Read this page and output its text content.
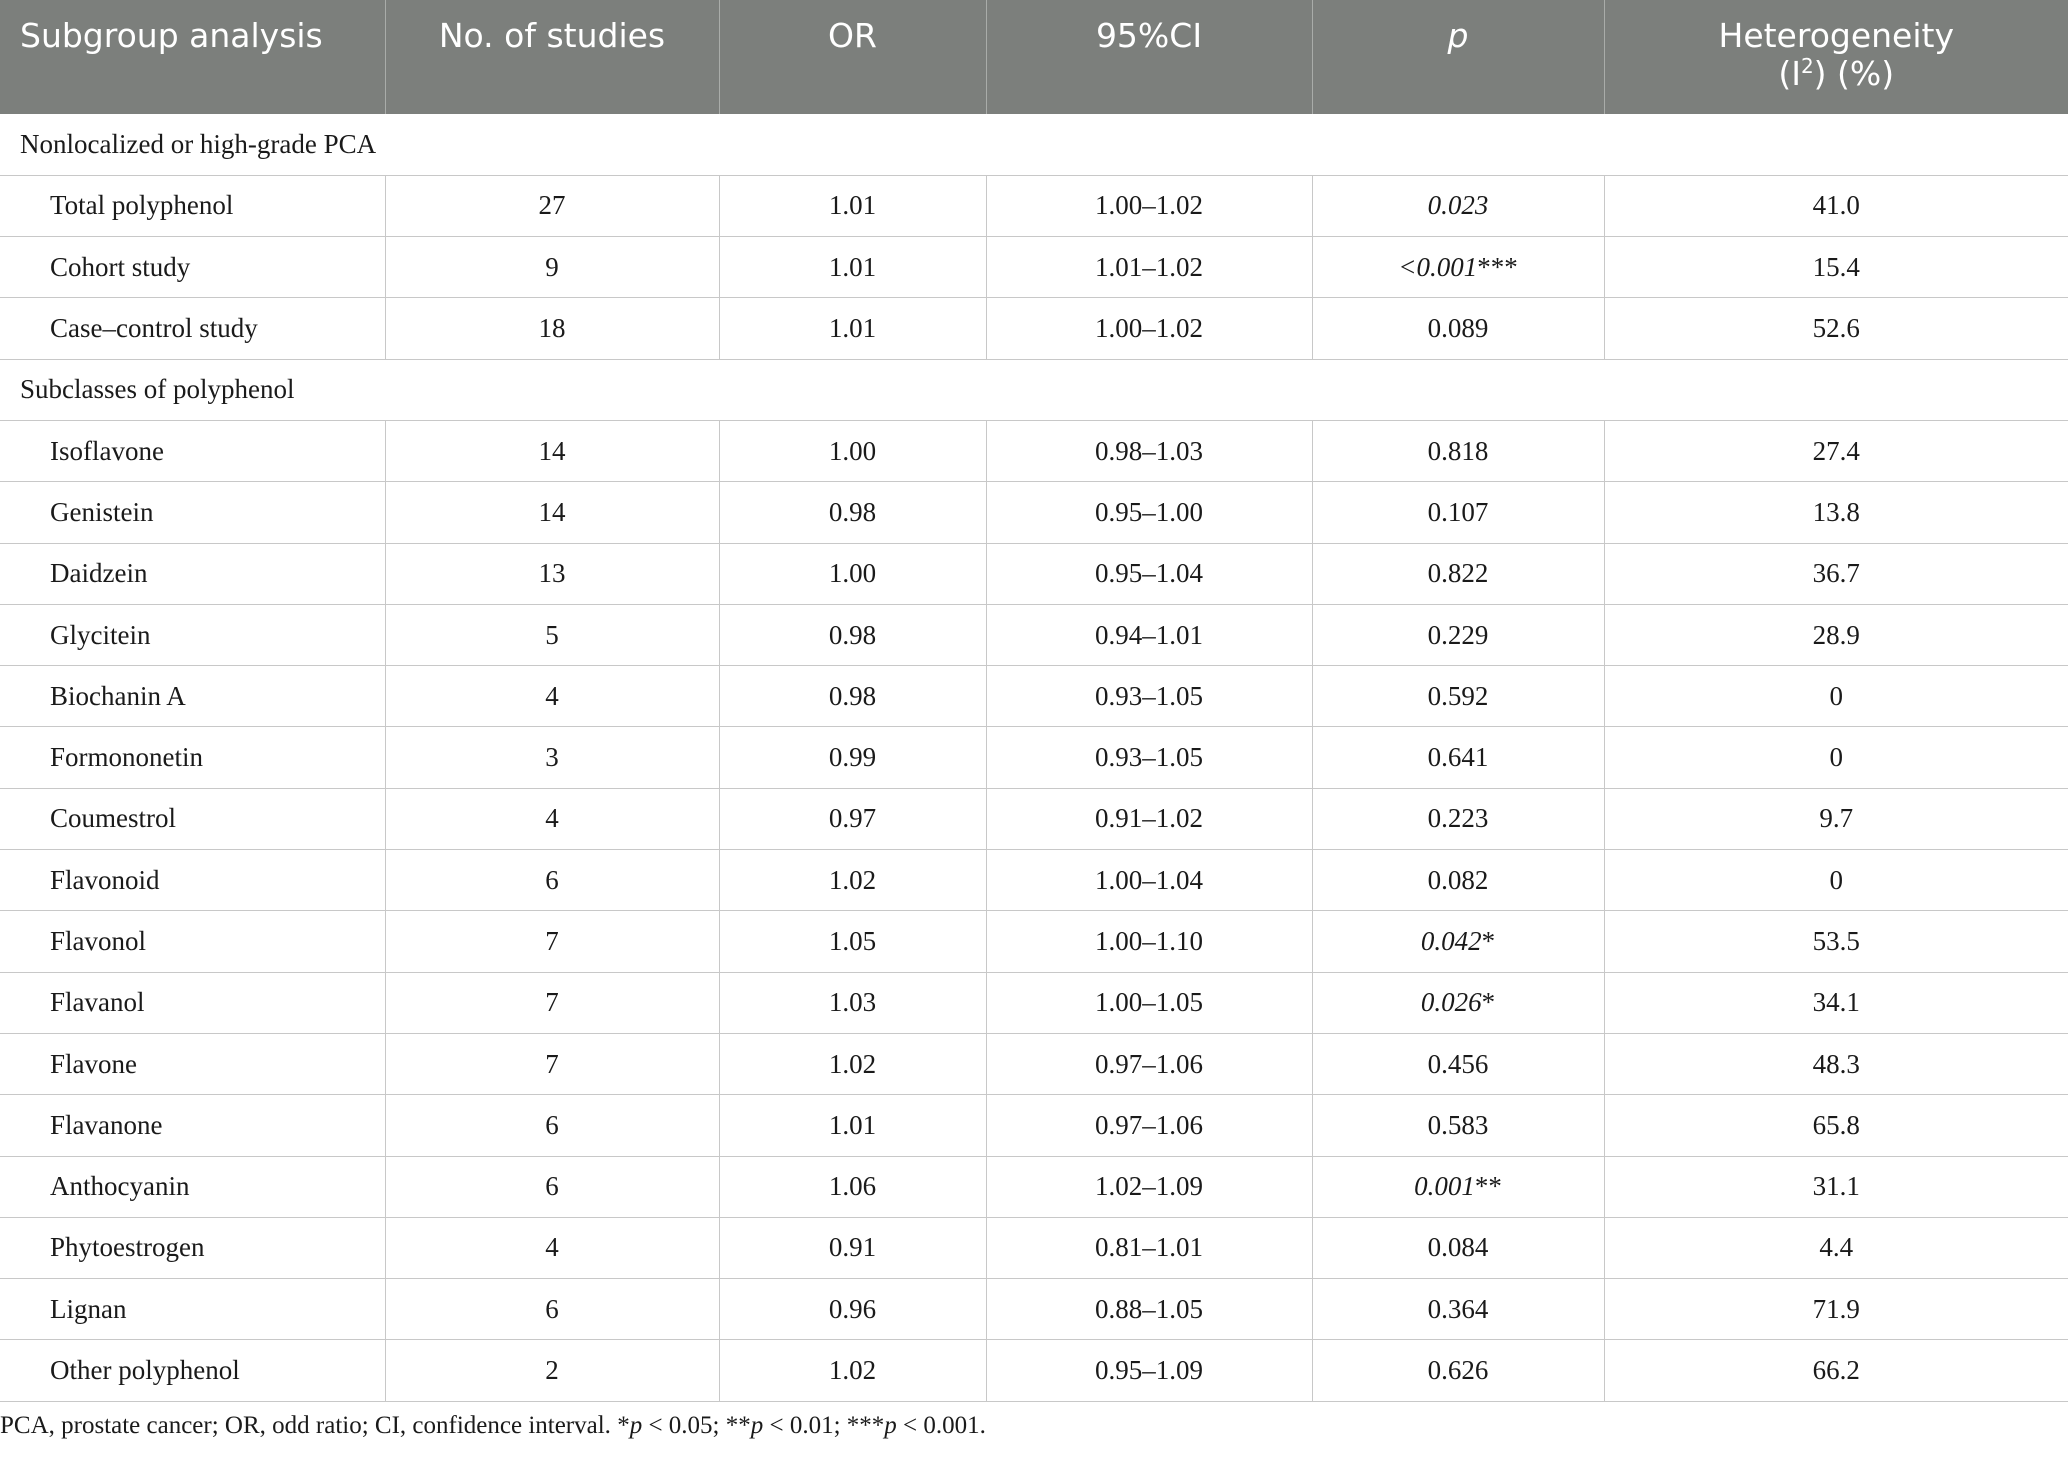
Subgroup analysis	No. of studies	OR	95%CI	p	Heterogeneity
$(I^2)$ (%)
Nonlocalized or high-grade PCA					
Total polyphenol	27	1.01	1.00–1.02	0.023	41.0
Cohort study	9	1.01	1.01–1.02	<0.001***	15.4
Case–control study	18	1.01	1.00–1.02	0.089	52.6
Subclasses of polyphenol					
Isoflavone	14	1.00	0.98–1.03	0.818	27.4
Genistein	14	0.98	0.95–1.00	0.107	13.8
Daidzein	13	1.00	0.95–1.04	0.822	36.7
Glycitein	5	0.98	0.94–1.01	0.229	28.9
Biochanin A	4	0.98	0.93–1.05	0.592	0
Formononetin	3	0.99	0.93–1.05	0.641	0
Coumestrol	4	0.97	0.91–1.02	0.223	9.7
Flavonoid	6	1.02	1.00–1.04	0.082	0
Flavonol	7	1.05	1.00–1.10	0.042*	53.5
Flavanol	7	1.03	1.00–1.05	0.026*	34.1
Flavone	7	1.02	0.97–1.06	0.456	48.3
Flavanone	6	1.01	0.97–1.06	0.583	65.8
Anthocyanin	6	1.06	1.02–1.09	0.001**	31.1
Phytoestrogen	4	0.91	0.81–1.01	0.084	4.4
Lignan	6	0.96	0.88–1.05	0.364	71.9
Other polyphenol	2	1.02	0.95–1.09	0.626	66.2
PCA, prostate cancer; OR, odd ratio; CI, confidence interval. *p < 0.05; **p < 0.01; ***p < 0.001.
